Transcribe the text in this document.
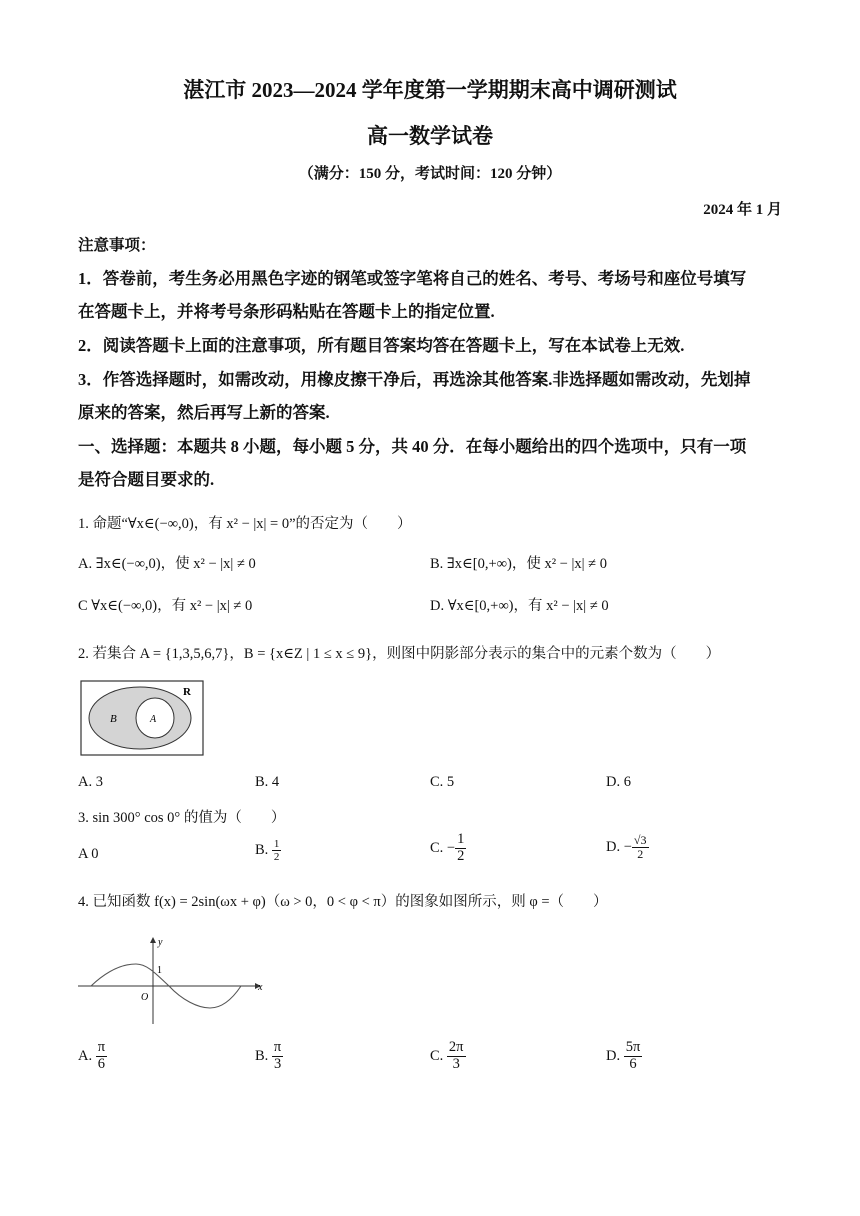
湛江市 2023—2024 学年度第一学期期末高中调研测试
高一数学试卷
（满分：150 分，考试时间：120 分钟）
2024 年 1 月
注意事项：
1．答卷前，考生务必用黑色字迹的钢笔或签字笔将自己的姓名、考号、考场号和座位号填写
在答题卡上，并将考号条形码粘贴在答题卡上的指定位置.
2．阅读答题卡上面的注意事项，所有题目答案均答在答题卡上，写在本试卷上无效.
3．作答选择题时，如需改动，用橡皮擦干净后，再选涂其他答案.非选择题如需改动，先划掉
原来的答案，然后再写上新的答案.
一、选择题：本题共 8 小题，每小题 5 分，共 40 分．在每小题给出的四个选项中，只有一项
是符合题目要求的.
1. 命题“∀x∈(−∞,0)，有 x² − |x| = 0”的否定为（　　）
A. ∃x∈(−∞,0)，使 x² − |x| ≠ 0	B. ∃x∈[0,+∞)，使 x² − |x| ≠ 0
C ∀x∈(−∞,0)，有 x² − |x| ≠ 0	D. ∀x∈[0,+∞)，有 x² − |x| ≠ 0
2. 若集合 A = {1,3,5,6,7}，B = {x∈Z | 1 ≤ x ≤ 9}，则图中阴影部分表示的集合中的元素个数为（　　）
R
B	A
A. 3	B. 4	C. 5	D. 6
3. sin 300° cos 0° 的值为（　　）
A 0	B. $\frac{1}{2}$	C. − $\frac{1}{2}$	D. − $\frac{√3}{2}$
4. 已知函数 f(x) = 2sin(ωx + φ)（ω > 0，0 < φ < π）的图象如图所示，则 φ =（　　）
y
x
O
1
A. $\frac{\pi}{6}$	B. $\frac{\pi}{3}$	C. $\frac{2\pi}{3}$	D. $\frac{5\pi}{6}$
